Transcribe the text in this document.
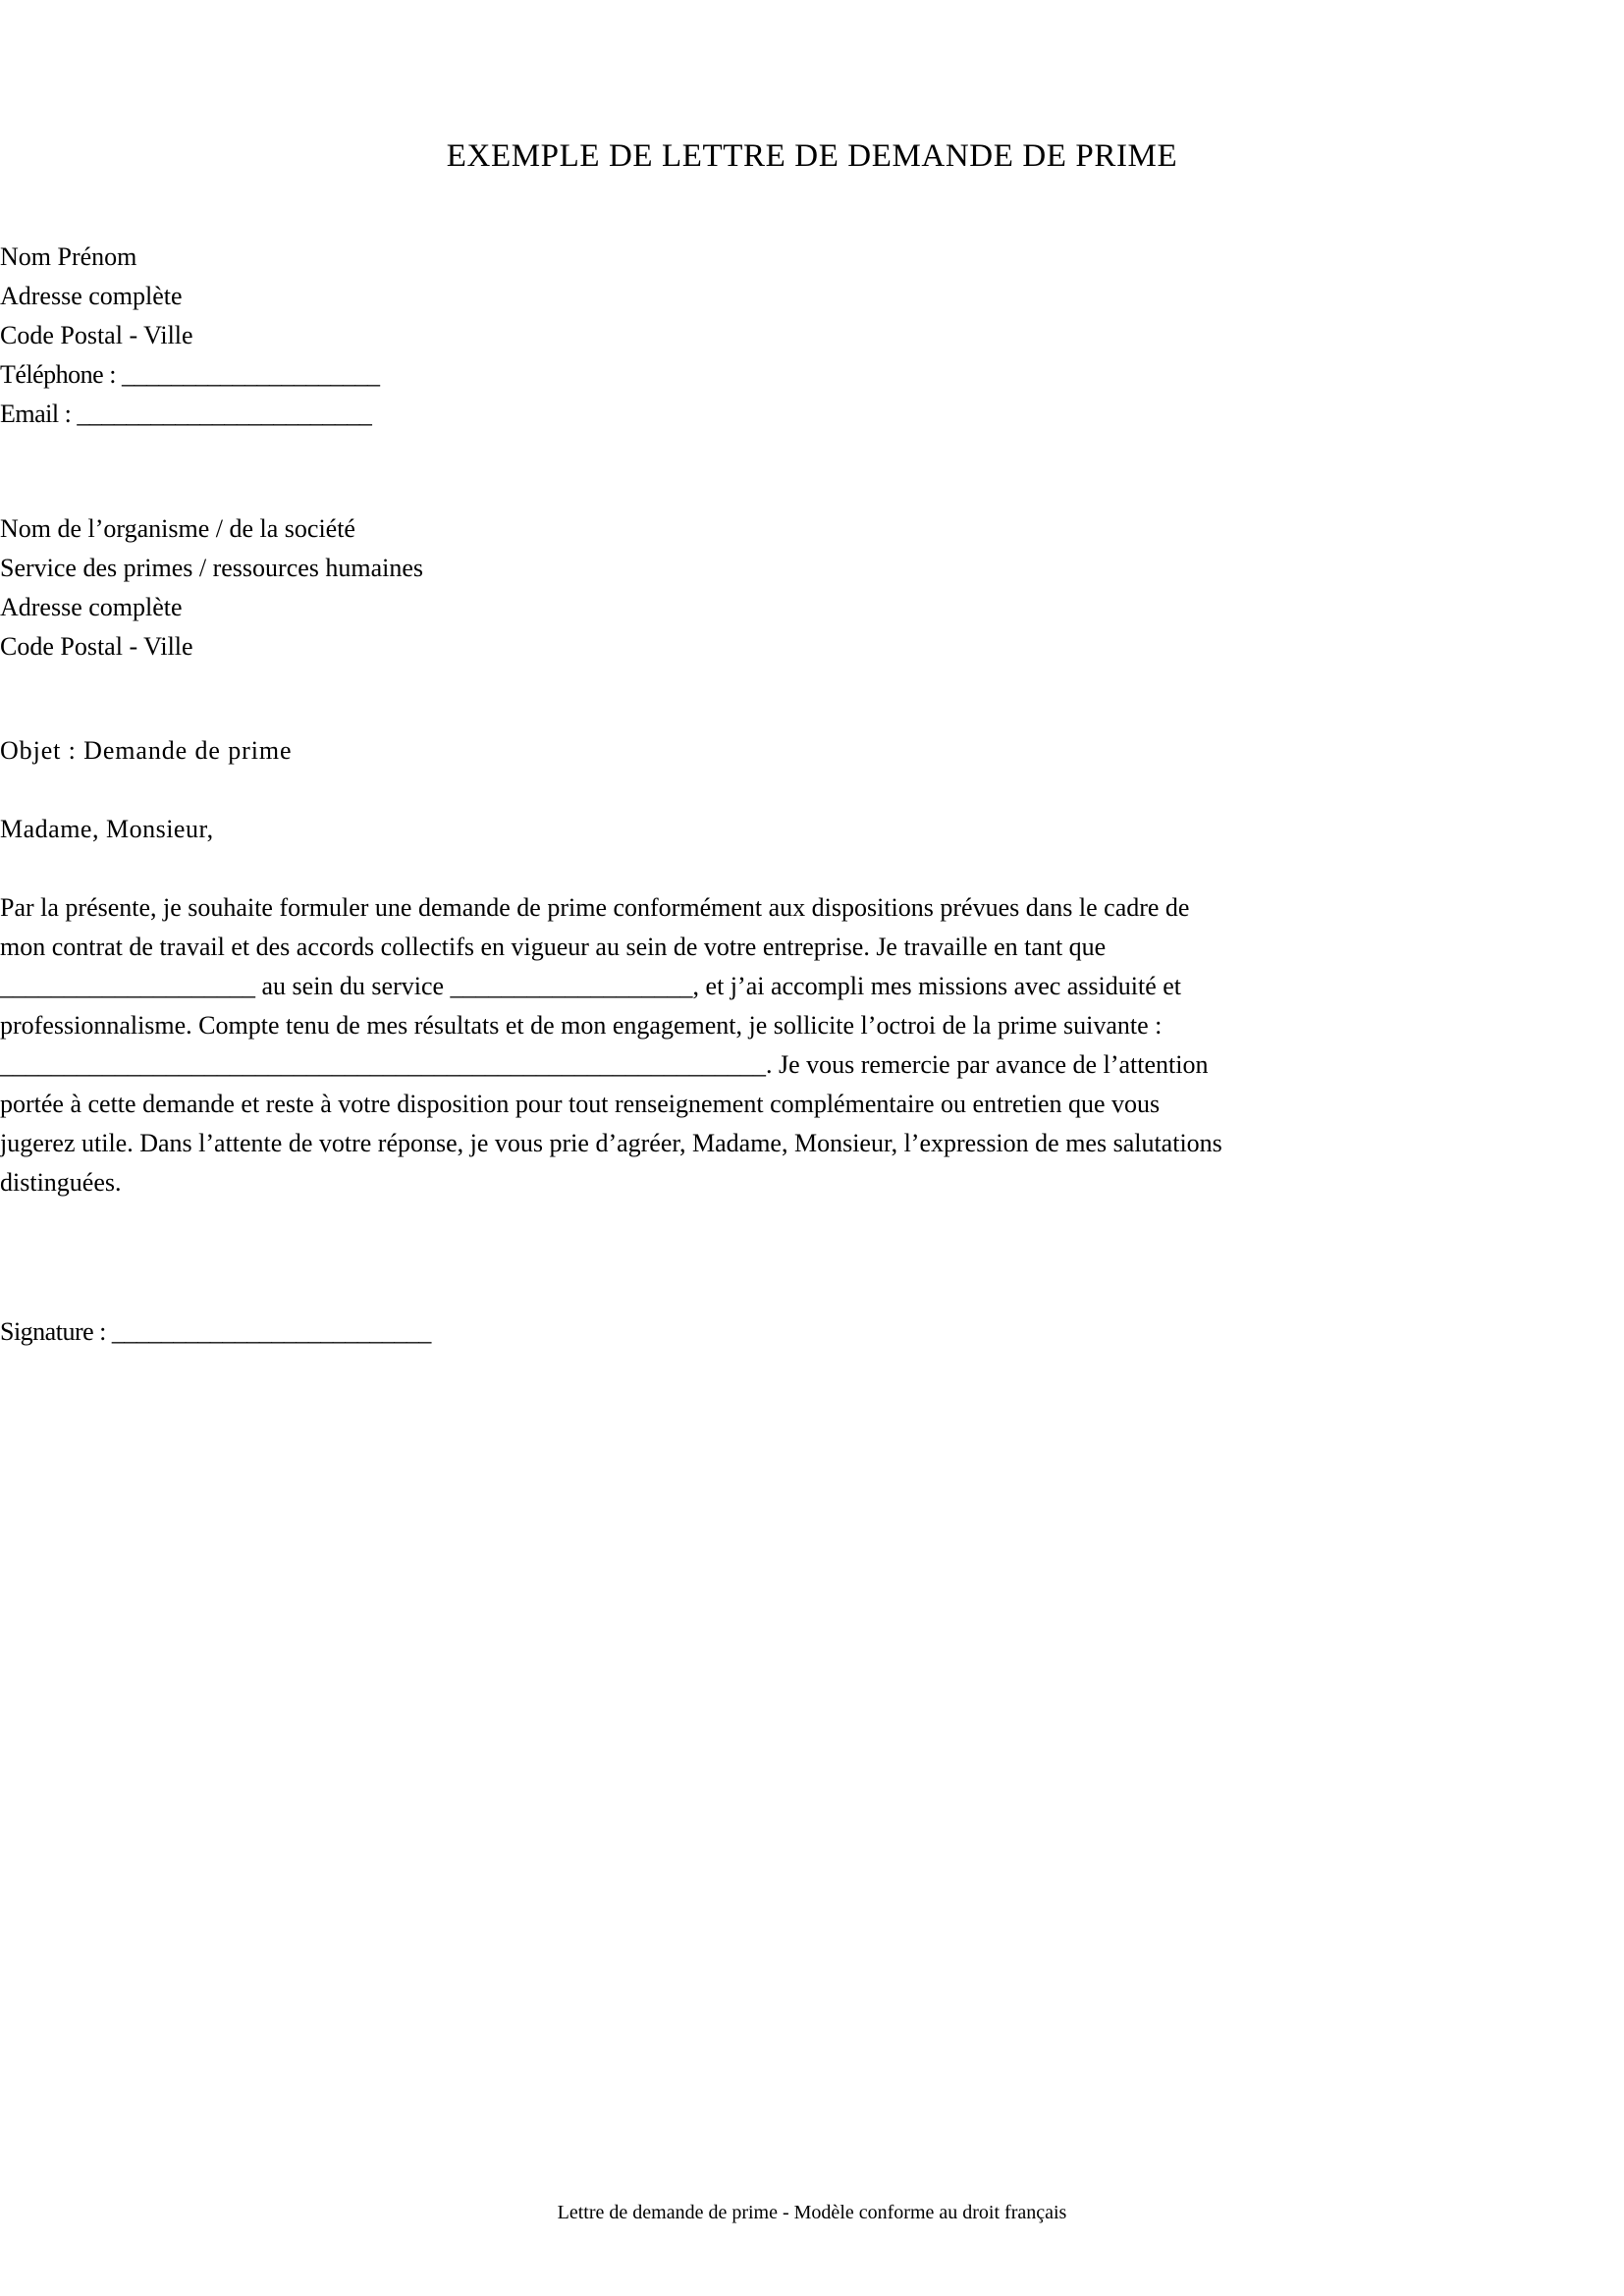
EXEMPLE DE LETTRE DE DEMANDE DE PRIME
Nom Prénom
Adresse complète
Code Postal - Ville
Téléphone : _____________________
Email : ________________________
Nom de l’organisme / de la société
Service des primes / ressources humaines
Adresse complète
Code Postal - Ville
Objet : Demande de prime
Madame, Monsieur,
Par la présente, je souhaite formuler une demande de prime conformément aux dispositions prévues dans le cadre de
mon contrat de travail et des accords collectifs en vigueur au sein de votre entreprise. Je travaille en tant que
____________________ au sein du service ___________________, et j’ai accompli mes missions avec assiduité et
professionnalisme. Compte tenu de mes résultats et de mon engagement, je sollicite l’octroi de la prime suivante :
____________________________________________________________. Je vous remercie par avance de l’attention
portée à cette demande et reste à votre disposition pour tout renseignement complémentaire ou entretien que vous
jugerez utile. Dans l’attente de votre réponse, je vous prie d’agréer, Madame, Monsieur, l’expression de mes salutations
distinguées.
Signature : __________________________
Lettre de demande de prime - Modèle conforme au droit français
